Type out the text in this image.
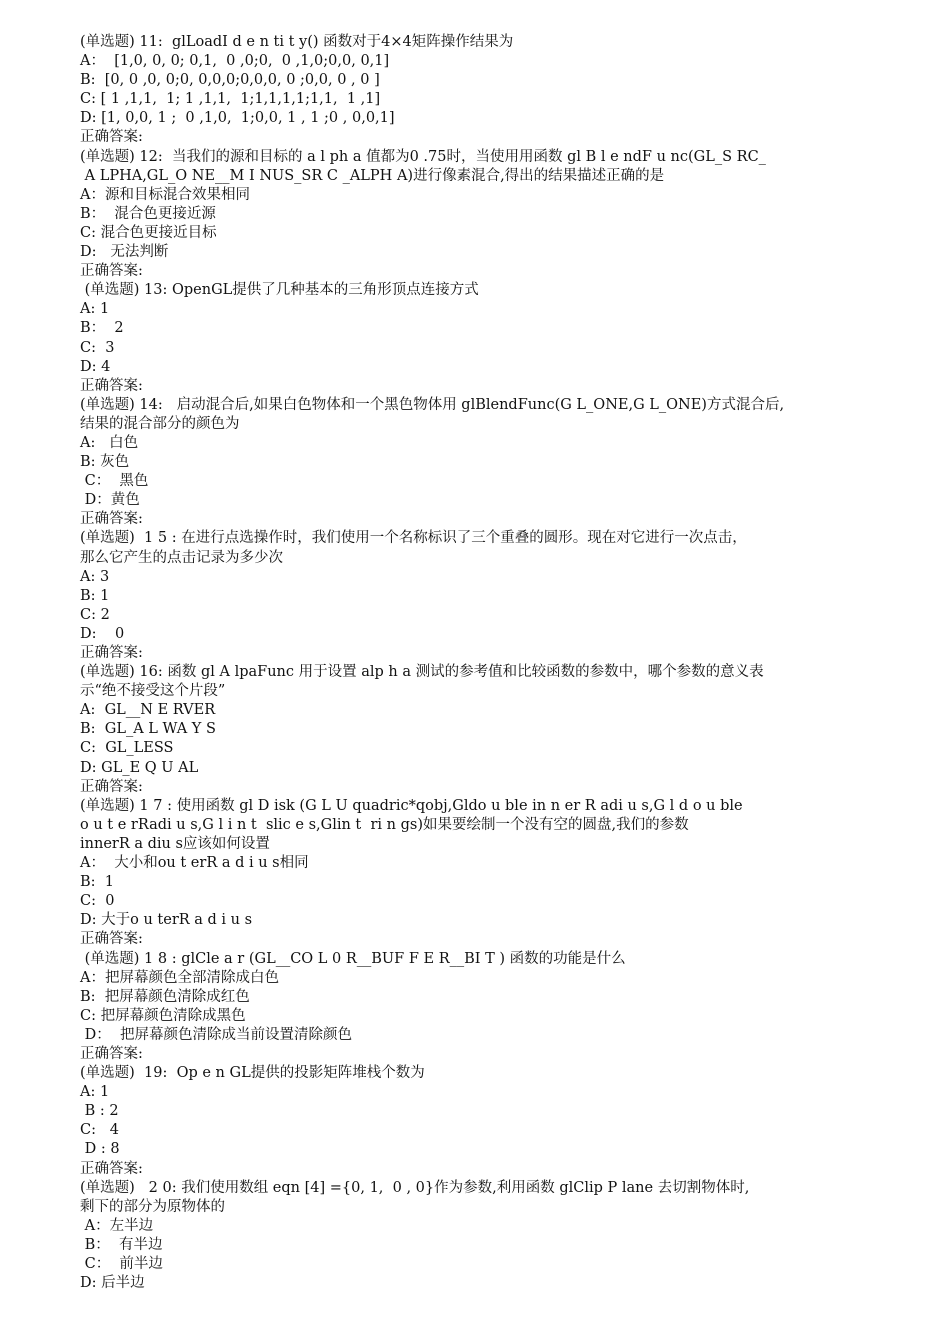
(单选题) 11:  glLoadI d e n ti t y() 函数对于4×4矩阵操作结果为
A：  [1,0, 0, 0; 0,1,  0 ,0;0,  0 ,1,0;0,0, 0,1]
B:  [0, 0 ,0, 0;0, 0,0,0;0,0,0, 0 ;0,0, 0 , 0 ]
C: [ 1 ,1,1,  1; 1 ,1,1,  1;1,1,1,1;1,1,  1 ,1]
D: [1, 0,0, 1 ;  0 ,1,0,  1;0,0, 1 , 1 ;0 , 0,0,1]
正确答案:
(单选题) 12:  当我们的源和目标的 a l ph a 值都为0 .75时，当使用用函数 gl B l e ndF u nc(GL_S RC_
A LPHA,GL_O NE__M I NUS_SR C _ALPH A)进行像素混合,得出的结果描述正确的是
A：源和目标混合效果相同
B：  混合色更接近源
C: 混合色更接近目标
D:   无法判断
正确答案:
(单选题) 13: OpenGL提供了几种基本的三角形顶点连接方式
A: 1
B：  2
C:  3
D: 4
正确答案:
(单选题) 14:   启动混合后,如果白色物体和一个黑色物体用 glBlendFunc(G L_ONE,G L_ONE)方式混合后,
结果的混合部分的颜色为
A:   白色
B: 灰色
C：  黑色
D：黄色
正确答案:
(单选题)  1 5 : 在进行点选操作时，我们使用一个名称标识了三个重叠的圆形。现在对它进行一次点击，
那么它产生的点击记录为多少次
A: 3
B: 1
C: 2
D:    0
正确答案:
(单选题) 16: 函数 gl A lpaFunc 用于设置 alp h a 测试的参考值和比较函数的参数中，哪个参数的意义表
示“绝不接受这个片段”
A:  GL__N E RVER
B:  GL_A L WA Y S
C:  GL_LESS
D: GL_E Q U AL
正确答案:
(单选题) 1 7 : 使用函数 gl D isk (G L U quadric*qobj,Gldo u ble in n er R adi u s,G l d o u ble
o u t e rRadi u s,G l i n t  slic e s,Glin t  ri n gs)如果要绘制一个没有空的圆盘,我们的参数
innerR a diu s应该如何设置
A：  大小和ou t erR a d i u s相同
B:  1
C:  0
D: 大于o u terR a d i u s
正确答案:
(单选题) 1 8 : glCle a r (GL__CO L 0 R__BUF F E R__BI T ) 函数的功能是什么
A：把屏幕颜色全部清除成白色
B:  把屏幕颜色清除成红色
C: 把屏幕颜色清除成黑色
D：  把屏幕颜色清除成当前设置清除颜色
正确答案:
(单选题)  19:  Op e n GL提供的投影矩阵堆栈个数为
A: 1
B : 2
C:   4
D : 8
正确答案:
(单选题)   2 0: 我们使用数组 eqn [4] ={0, 1,  0 , 0}作为参数,利用函数 glClip P lane 去切割物体时,
剩下的部分为原物体的
A：左半边
B：  有半边
C：  前半边
D: 后半边
